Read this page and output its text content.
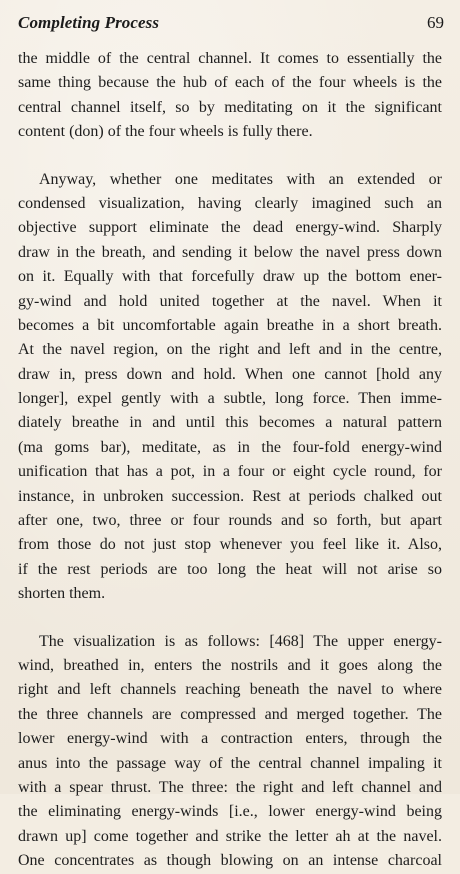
Completing Process	69
the middle of the central channel. It comes to essentially the
same thing because the hub of each of the four wheels is the
central channel itself, so by meditating on it the significant
content (don) of the four wheels is fully there.
Anyway, whether one meditates with an extended or
condensed visualization, having clearly imagined such an
objective support eliminate the dead energy-wind. Sharply
draw in the breath, and sending it below the navel press down
on it. Equally with that forcefully draw up the bottom ener-
gy-wind and hold united together at the navel. When it
becomes a bit uncomfortable again breathe in a short breath.
At the navel region, on the right and left and in the centre,
draw in, press down and hold. When one cannot [hold any
longer], expel gently with a subtle, long force. Then imme-
diately breathe in and until this becomes a natural pattern
(ma goms bar), meditate, as in the four-fold energy-wind
unification that has a pot, in a four or eight cycle round, for
instance, in unbroken succession. Rest at periods chalked out
after one, two, three or four rounds and so forth, but apart
from those do not just stop whenever you feel like it. Also,
if the rest periods are too long the heat will not arise so
shorten them.
The visualization is as follows: [468] The upper energy-
wind, breathed in, enters the nostrils and it goes along the
right and left channels reaching beneath the navel to where
the three channels are compressed and merged together. The
lower energy-wind with a contraction enters, through the
anus into the passage way of the central channel impaling it
with a spear thrust. The three: the right and left channel and
the eliminating energy-winds [i.e., lower energy-wind being
drawn up] come together and strike the letter ah at the navel.
One concentrates as though blowing on an intense charcoal
